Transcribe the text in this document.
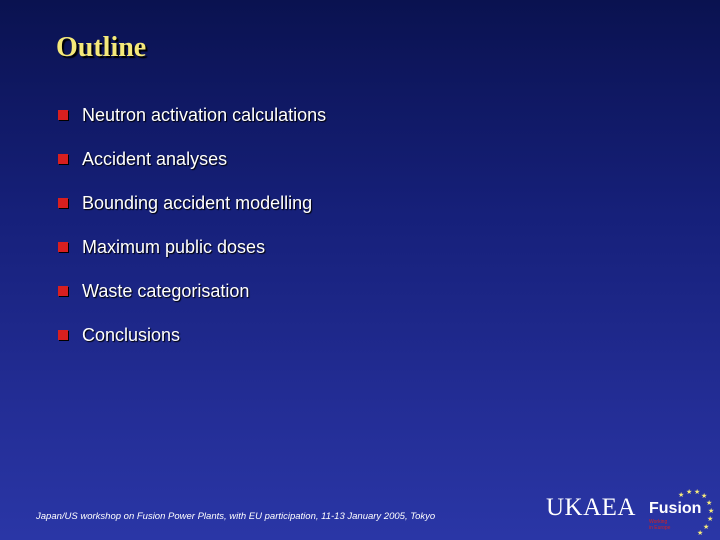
Outline
Neutron activation calculations
Accident analyses
Bounding accident modelling
Maximum public doses
Waste categorisation
Conclusions
Japan/US workshop on Fusion Power Plants, with EU participation, 11-13 January 2005, Tokyo
★ ★ ★ ★
★
★
★
★
★
UKAEA Fusion
Working
in Europe
